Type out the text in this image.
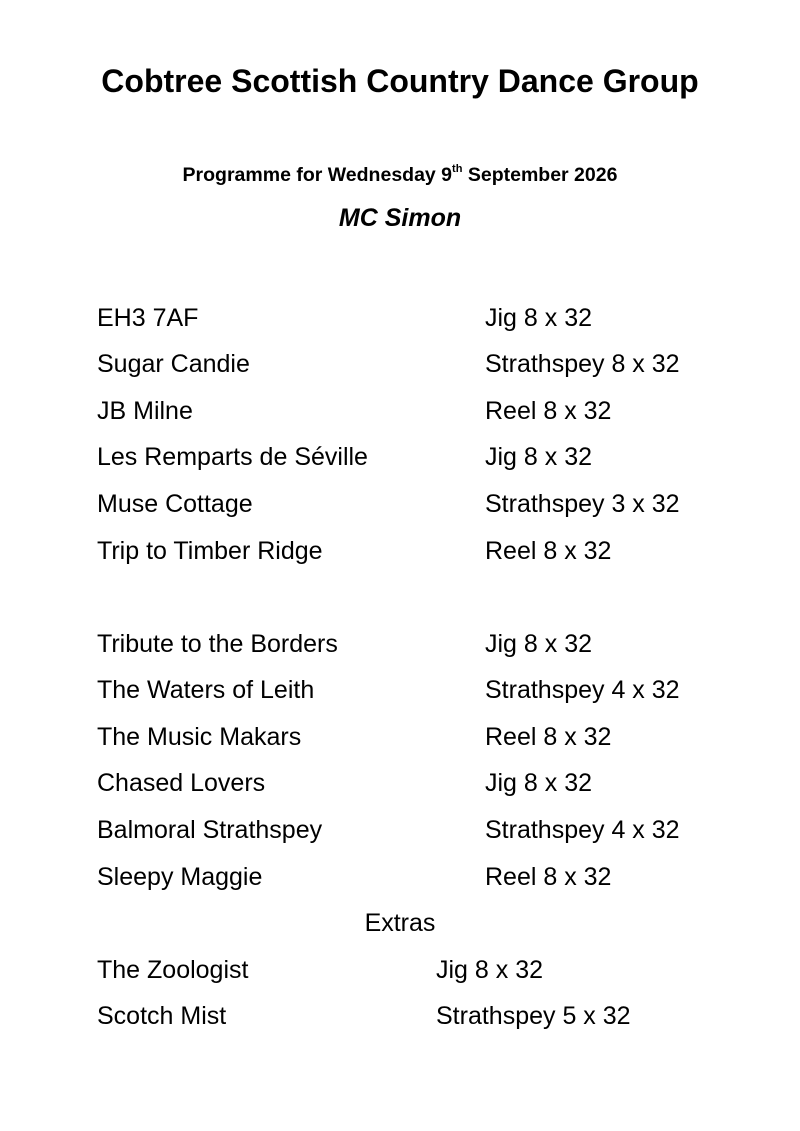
Cobtree Scottish Country Dance Group

Programme for Wednesday 9th September 2026

MC Simon

EH3 7AF	Jig 8 x 32
Sugar Candie	Strathspey 8 x 32
JB Milne	Reel 8 x 32
Les Remparts de Séville	Jig 8 x 32
Muse Cottage	Strathspey 3 x 32
Trip to Timber Ridge	Reel 8 x 32
Tribute to the Borders	Jig 8 x 32
The Waters of Leith	Strathspey 4 x 32
The Music Makars	Reel 8 x 32
Chased Lovers	Jig 8 x 32
Balmoral Strathspey	Strathspey 4 x 32
Sleepy Maggie	Reel 8 x 32
Extras
The Zoologist	Jig 8 x 32
Scotch Mist	Strathspey 5 x 32
